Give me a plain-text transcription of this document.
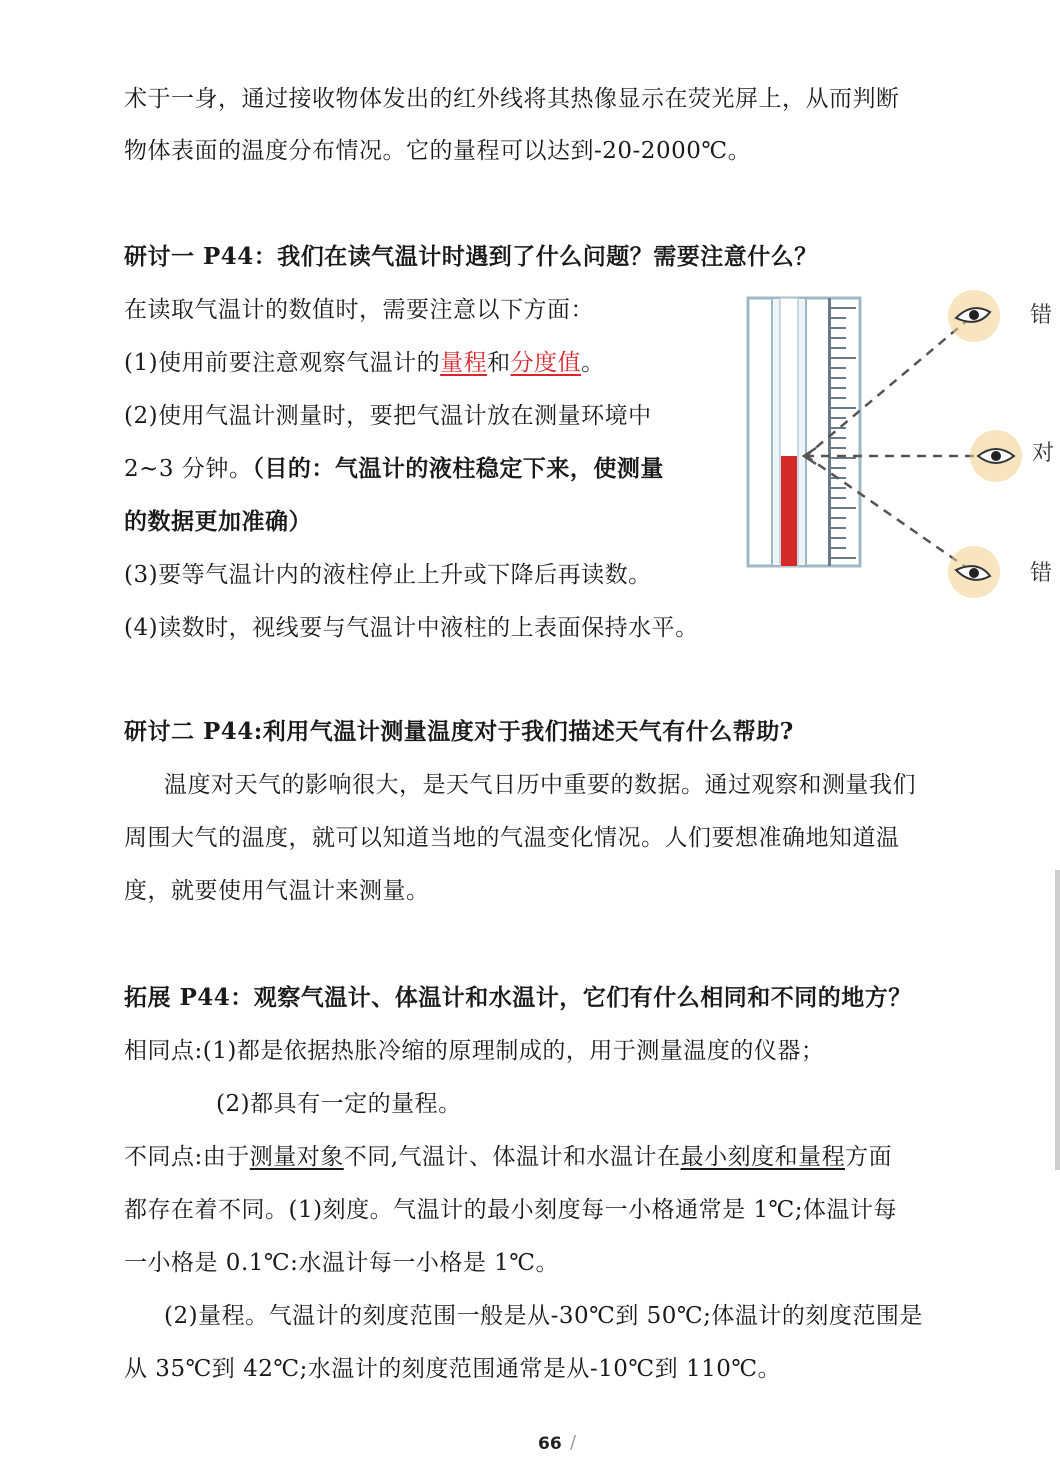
术于一身，通过接收物体发出的红外线将其热像显示在荧光屏上，从而判断
物体表面的温度分布情况。它的量程可以达到-20-2000℃。
研讨一 P44：我们在读气温计时遇到了什么问题？需要注意什么？
在读取气温计的数值时，需要注意以下方面：
(1)使用前要注意观察气温计的量程和分度值。
(2)使用气温计测量时，要把气温计放在测量环境中
2~3 分钟。（目的：气温计的液柱稳定下来，使测量
的数据更加准确）
(3)要等气温计内的液柱停止上升或下降后再读数。
(4)读数时，视线要与气温计中液柱的上表面保持水平。
错
对
错
研讨二 P44:利用气温计测量温度对于我们描述天气有什么帮助?
温度对天气的影响很大，是天气日历中重要的数据。通过观察和测量我们
周围大气的温度，就可以知道当地的气温变化情况。人们要想准确地知道温
度，就要使用气温计来测量。
拓展 P44：观察气温计、体温计和水温计，它们有什么相同和不同的地方？
相同点:(1)都是依据热胀冷缩的原理制成的，用于测量温度的仪器；
(2)都具有一定的量程。
不同点:由于测量对象不同,气温计、体温计和水温计在最小刻度和量程方面
都存在着不同。(1)刻度。气温计的最小刻度每一小格通常是 1℃;体温计每
一小格是 0.1℃:水温计每一小格是 1℃。
(2)量程。气温计的刻度范围一般是从-30℃到 50℃;体温计的刻度范围是
从 35℃到 42℃;水温计的刻度范围通常是从-10℃到 110℃。
66 /
